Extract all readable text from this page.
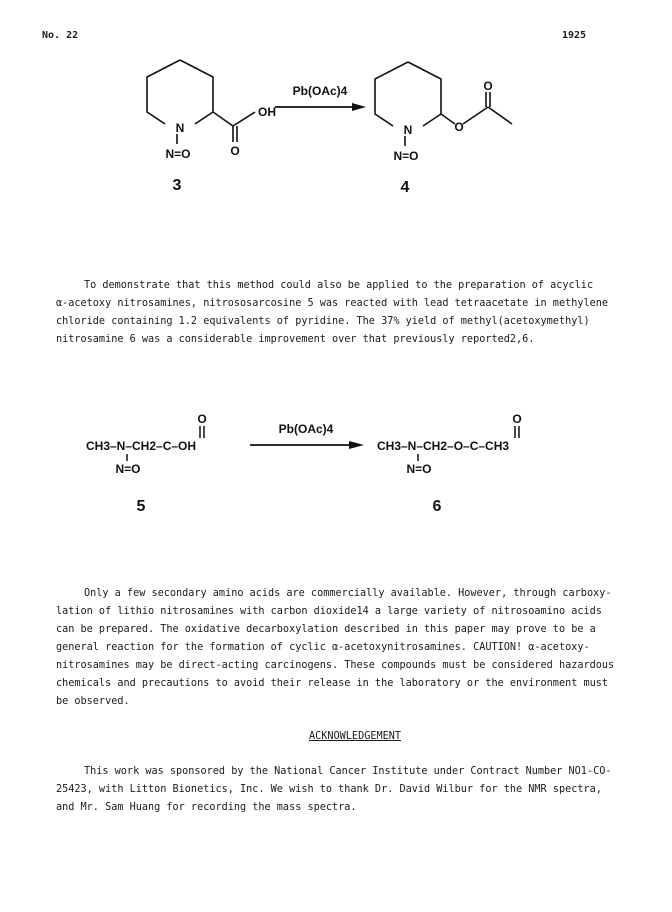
No. 22	1925
N
N=O
OH
O
3
Pb(OAc)4
N
N=O
O
O
4
To demonstrate that this method could also be applied to the preparation of acyclic
α-acetoxy nitrosamines, nitrososarcosine 5 was reacted with lead tetraacetate in methylene
chloride containing 1.2 equivalents of pyridine. The 37% yield of methyl(acetoxymethyl)
nitrosamine 6 was a considerable improvement over that previously reported2,6.
CH3–N–CH2–C–OH
N=O
O
5
Pb(OAc)4
CH3–N–CH2–O–C–CH3
N=O
O
6
Only a few secondary amino acids are commercially available. However, through carboxy-
lation of lithio nitrosamines with carbon dioxide14 a large variety of nitrosoamino acids
can be prepared. The oxidative decarboxylation described in this paper may prove to be a
general reaction for the formation of cyclic α-acetoxynitrosamines. CAUTION! α-acetoxy-
nitrosamines may be direct-acting carcinogens. These compounds must be considered hazardous
chemicals and precautions to avoid their release in the laboratory or the environment must
be observed.
ACKNOWLEDGEMENT
This work was sponsored by the National Cancer Institute under Contract Number NO1-CO-
25423, with Litton Bionetics, Inc. We wish to thank Dr. David Wilbur for the NMR spectra,
and Mr. Sam Huang for recording the mass spectra.
